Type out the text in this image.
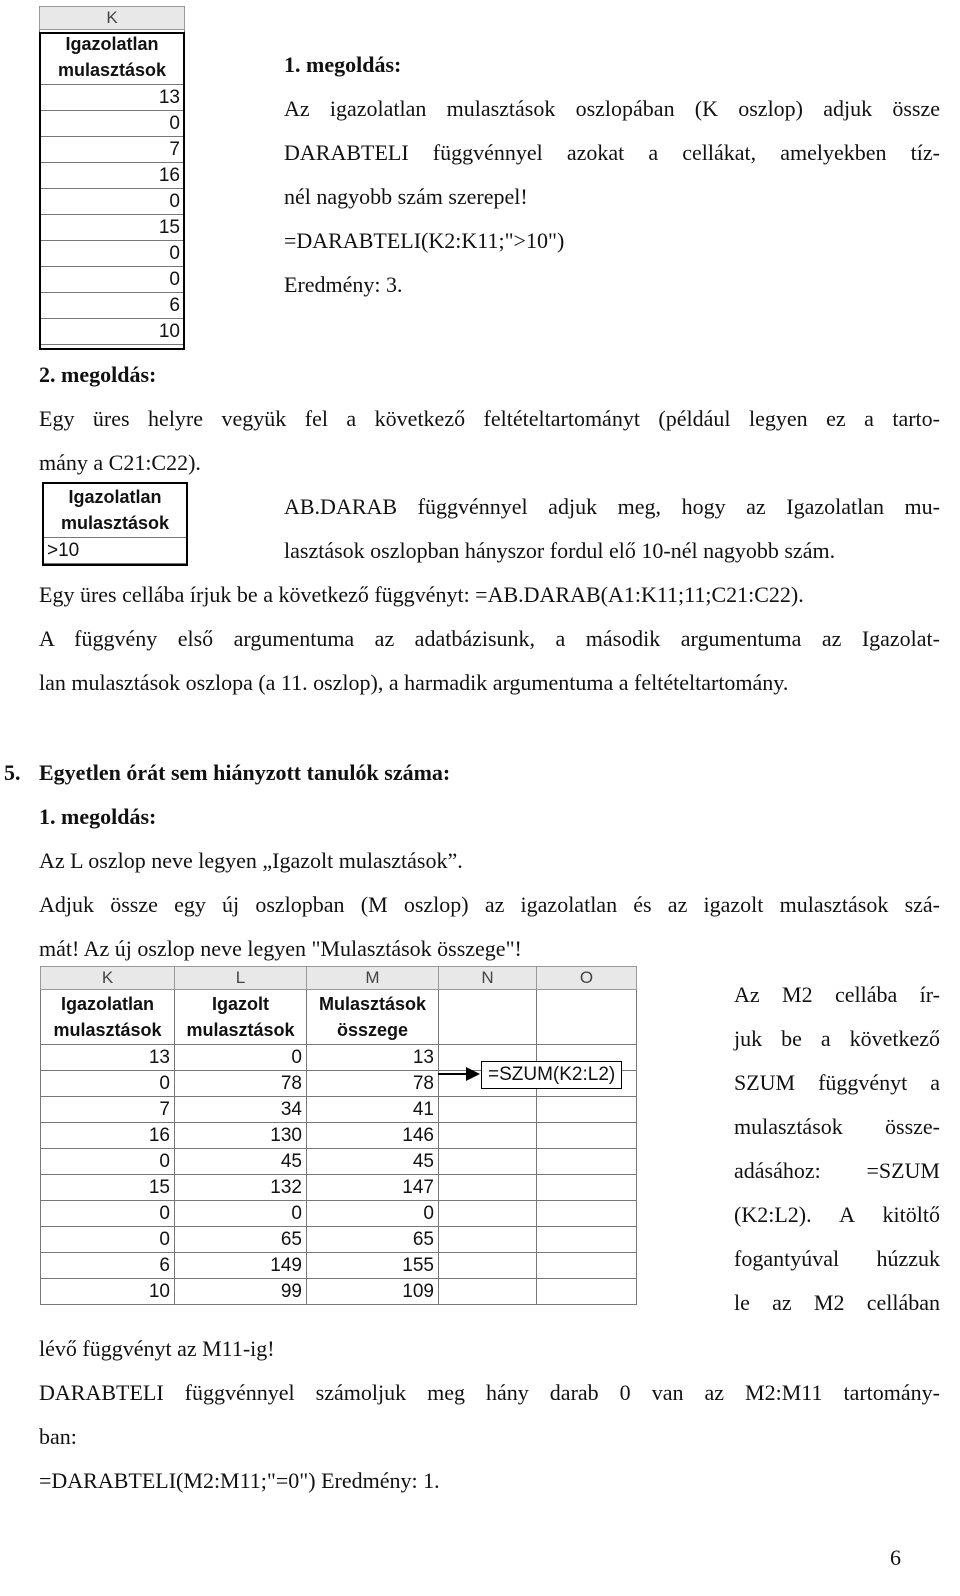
K
Igazolatlan
mulasztások
13
0
7
16
0
15
0
0
6
10
1. megoldás:
Az igazolatlan mulasztások oszlopában (K oszlop) adjuk össze
DARABTELI függvénnyel azokat a cellákat, amelyekben tíz-
nél nagyobb szám szerepel!
=DARABTELI(K2:K11;">10")
Eredmény: 3.
2. megoldás:
Egy üres helyre vegyük fel a következő feltételtartományt (például legyen ez a tarto-
mány a C21:C22).
Igazolatlan
mulasztások
>10
AB.DARAB függvénnyel adjuk meg, hogy az Igazolatlan mu-
lasztások oszlopban hányszor fordul elő 10-nél nagyobb szám.
Egy üres cellába írjuk be a következő függvényt: =AB.DARAB(A1:K11;11;C21:C22).
A függvény első argumentuma az adatbázisunk, a második argumentuma az Igazolat-
lan mulasztások oszlopa (a 11. oszlop), a harmadik argumentuma a feltételtartomány.
5. Egyetlen órát sem hiányzott tanulók száma:
1. megoldás:
Az L oszlop neve legyen „Igazolt mulasztások”.
Adjuk össze egy új oszlopban (M oszlop) az igazolatlan és az igazolt mulasztások szá-
mát! Az új oszlop neve legyen "Mulasztások összege"!
K	L	M	N	O
Igazolatlan
mulasztások	Igazolt
mulasztások	Mulasztások
összege		
13	0	13		
0	78	78		
7	34	41		
16	130	146		
0	45	45		
15	132	147		
0	0	0		
0	65	65		
6	149	155		
10	99	109		
=SZUM(K2:L2)
Az M2 cellába ír-
juk be a következő
SZUM függvényt a
mulasztások össze-
adásához: =SZUM
(K2:L2). A kitöltő
fogantyúval húzzuk
le az M2 cellában
lévő függvényt az M11-ig!
DARABTELI függvénnyel számoljuk meg hány darab 0 van az M2:M11 tartomány-
ban:
=DARABTELI(M2:M11;"=0") Eredmény: 1.
6
